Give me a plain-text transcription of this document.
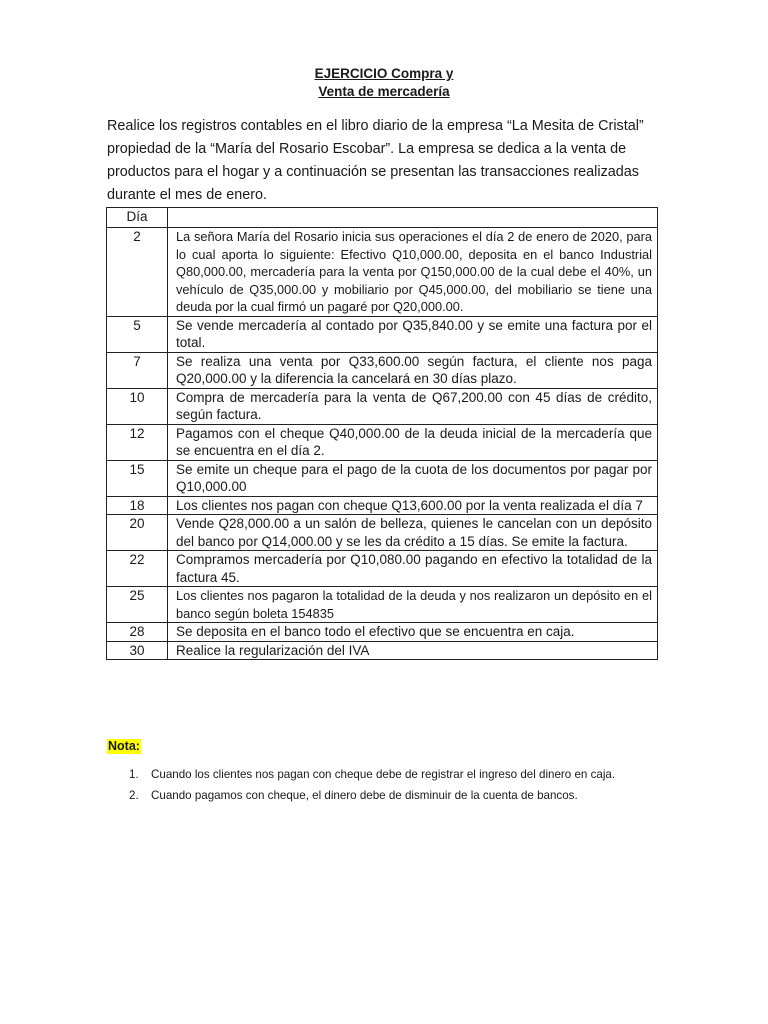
EJERCICIO Compra y
Venta de mercadería

Realice los registros contables en el libro diario de la empresa “La Mesita de Cristal” propiedad de la “María del Rosario Escobar”. La empresa se dedica a la venta de productos para el hogar y a continuación se presentan las transacciones realizadas durante el mes de enero.

Día	
2	La señora María del Rosario inicia sus operaciones el día 2 de enero de 2020, para lo cual aporta lo siguiente: Efectivo Q10,000.00, deposita en el banco Industrial Q80,000.00, mercadería para la venta por Q150,000.00 de la cual debe el 40%, un vehículo de Q35,000.00 y mobiliario por Q45,000.00, del mobiliario se tiene una deuda por la cual firmó un pagaré por Q20,000.00.
5	Se vende mercadería al contado por Q35,840.00 y se emite una factura por el total.
7	Se realiza una venta por Q33,600.00 según factura, el cliente nos paga Q20,000.00 y la diferencia la cancelará en 30 días plazo.
10	Compra de mercadería para la venta de Q67,200.00 con 45 días de crédito, según factura.
12	Pagamos con el cheque Q40,000.00 de la deuda inicial de la mercadería que se encuentra en el día 2.
15	Se emite un cheque para el pago de la cuota de los documentos por pagar por Q10,000.00
18	Los clientes nos pagan con cheque Q13,600.00 por la venta realizada el día 7
20	Vende Q28,000.00 a un salón de belleza, quienes le cancelan con un depósito del banco por Q14,000.00 y se les da crédito a 15 días. Se emite la factura.
22	Compramos mercadería por Q10,080.00 pagando en efectivo la totalidad de la factura 45.
25	Los clientes nos pagaron la totalidad de la deuda y nos realizaron un depósito en el banco según boleta 154835
28	Se deposita en el banco todo el efectivo que se encuentra en caja.
30	Realice la regularización del IVA
Nota:
1. Cuando los clientes nos pagan con cheque debe de registrar el ingreso del dinero en caja.
2. Cuando pagamos con cheque, el dinero debe de disminuir de la cuenta de bancos.
